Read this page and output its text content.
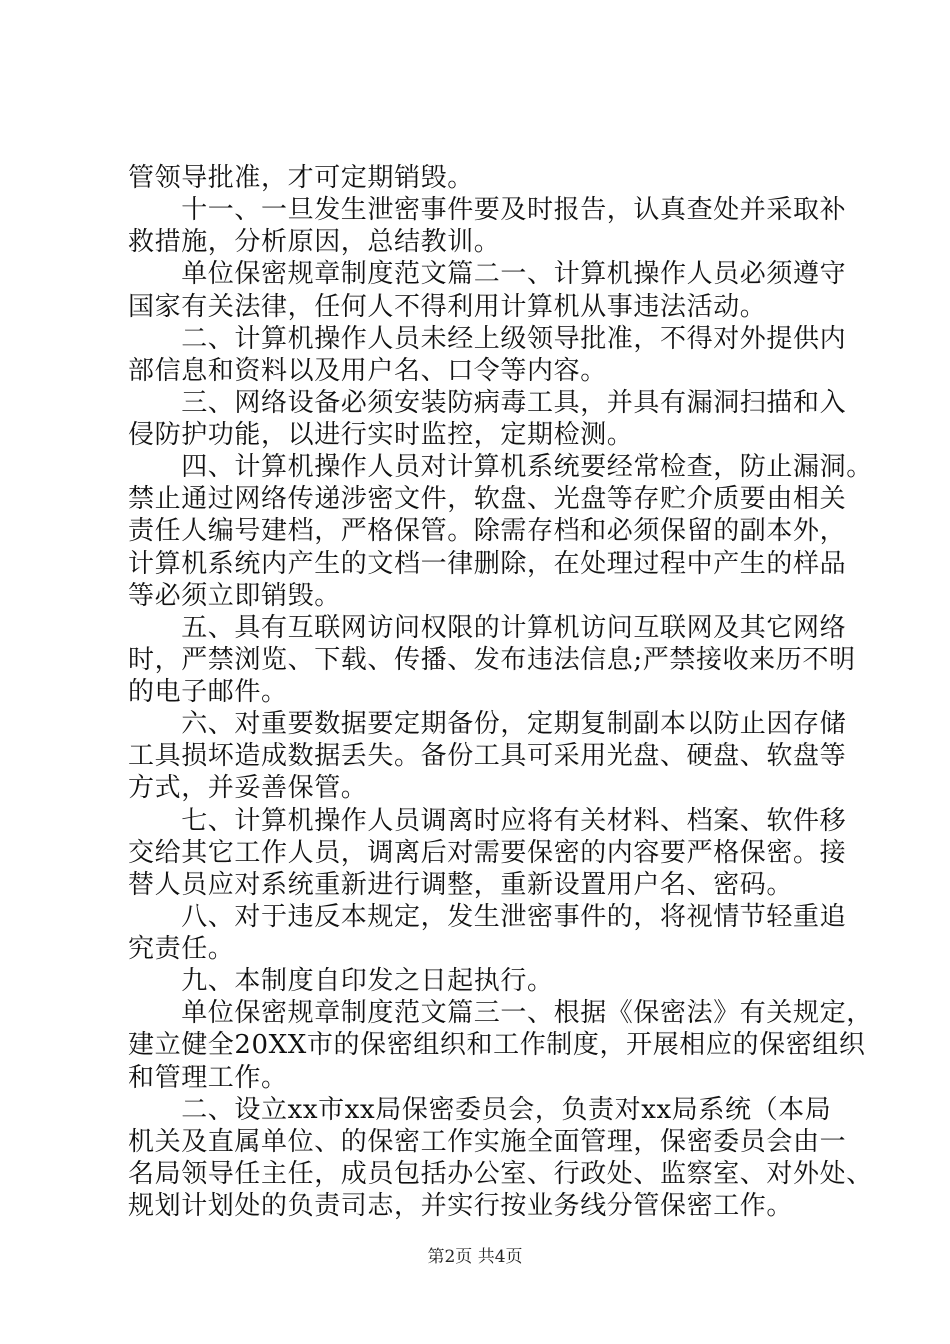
管领导批准，才可定期销毁。
　　十一、一旦发生泄密事件要及时报告，认真查处并采取补
救措施，分析原因，总结教训。
　　单位保密规章制度范文篇二一、计算机操作人员必须遵守
国家有关法律，任何人不得利用计算机从事违法活动。
　　二、计算机操作人员未经上级领导批准，不得对外提供内
部信息和资料以及用户名、口令等内容。
　　三、网络设备必须安装防病毒工具，并具有漏洞扫描和入
侵防护功能，以进行实时监控，定期检测。
　　四、计算机操作人员对计算机系统要经常检查，防止漏洞。
禁止通过网络传递涉密文件，软盘、光盘等存贮介质要由相关
责任人编号建档，严格保管。除需存档和必须保留的副本外，
计算机系统内产生的文档一律删除，在处理过程中产生的样品
等必须立即销毁。
　　五、具有互联网访问权限的计算机访问互联网及其它网络
时，严禁浏览、下载、传播、发布违法信息;严禁接收来历不明
的电子邮件。
　　六、对重要数据要定期备份，定期复制副本以防止因存储
工具损坏造成数据丢失。备份工具可采用光盘、硬盘、软盘等
方式，并妥善保管。
　　七、计算机操作人员调离时应将有关材料、档案、软件移
交给其它工作人员，调离后对需要保密的内容要严格保密。接
替人员应对系统重新进行调整，重新设置用户名、密码。
　　八、对于违反本规定，发生泄密事件的，将视情节轻重追
究责任。
　　九、本制度自印发之日起执行。
　　单位保密规章制度范文篇三一、根据《保密法》有关规定，
建立健全20XX市的保密组织和工作制度，开展相应的保密组织
和管理工作。
　　二、设立xx市xx局保密委员会，负责对xx局系统（本局
机关及直属单位、的保密工作实施全面管理，保密委员会由一
名局领导任主任，成员包括办公室、行政处、监察室、对外处、
规划计划处的负责司志，并实行按业务线分管保密工作。
第2页 共4页
